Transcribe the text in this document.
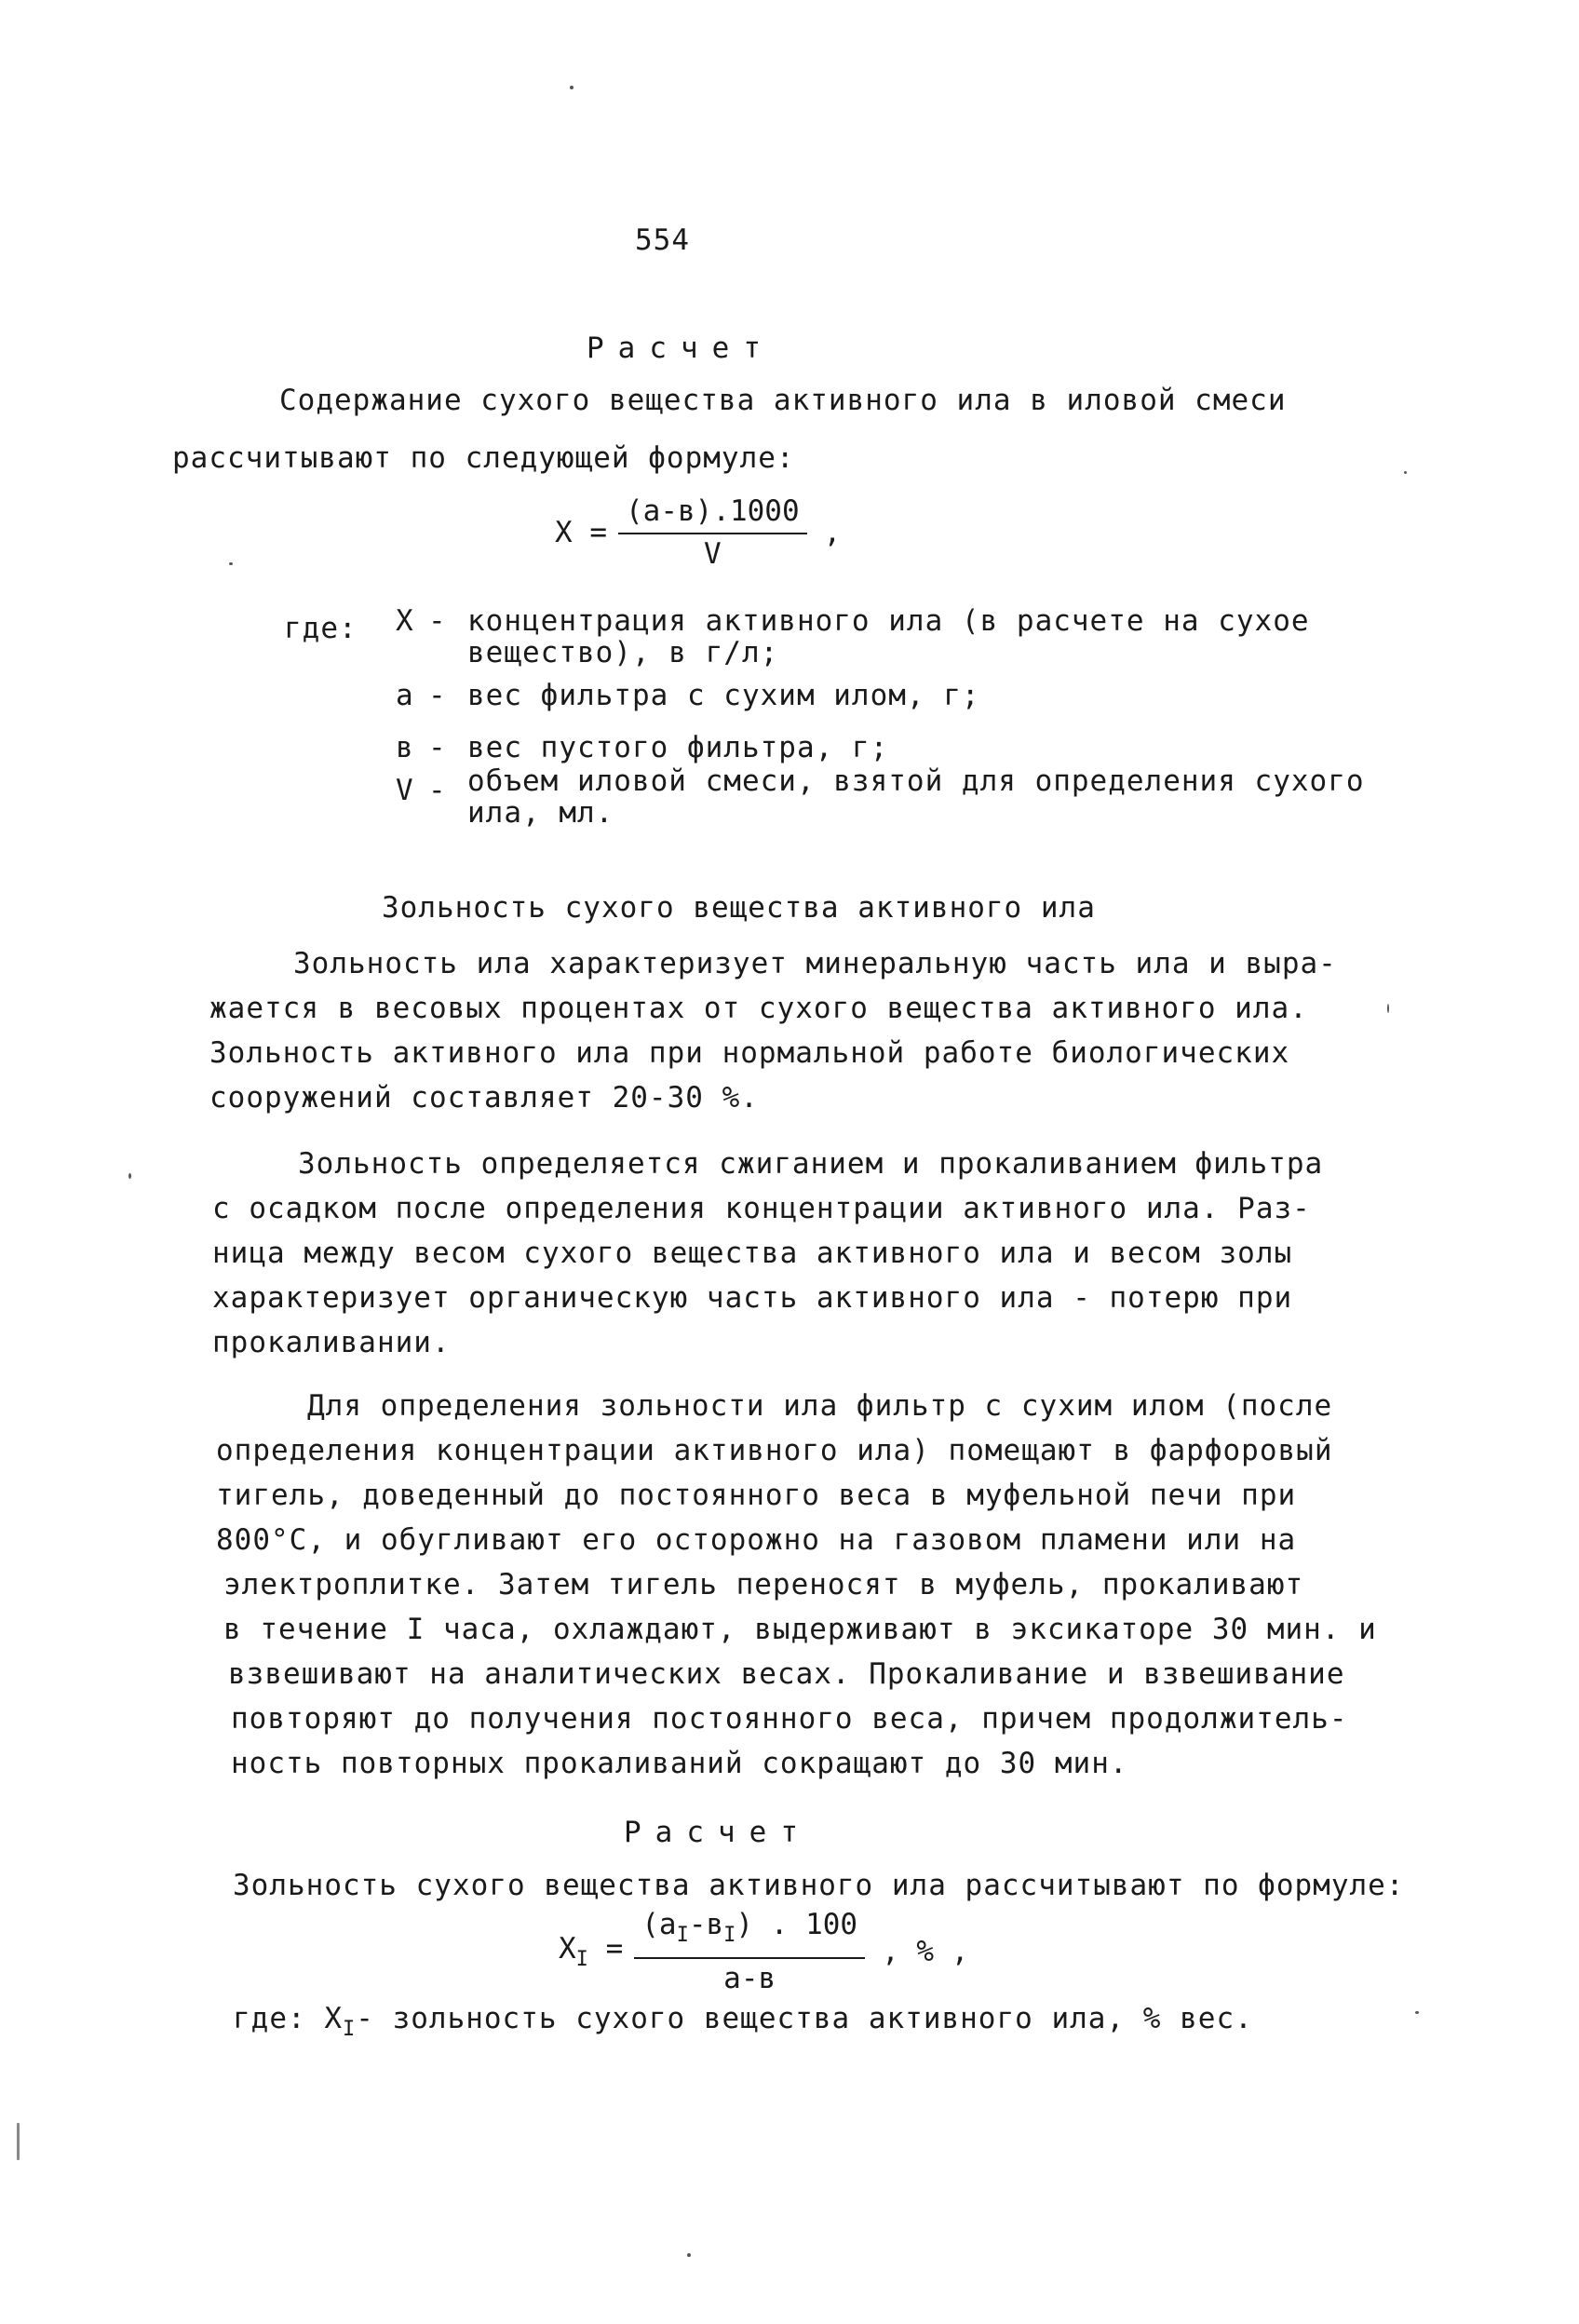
554
Расчет
Содержание сухого вещества активного ила в иловой смеси
рассчитывают по следующей формуле:
$X = \frac{(а-в).1000}{V}$ ,
где: X - концентрация активного ила (в расчете на сухое
вещество), в г/л;
а - вес фильтра с сухим илом, г;
в - вес пустого фильтра, г;
V - объем иловой смеси, взятой для определения сухого
ила, мл.
Зольность сухого вещества активного ила
Зольность ила характеризует минеральную часть ила и выра-
жается в весовых процентах от сухого вещества активного ила.
Зольность активного ила при нормальной работе биологических
сооружений составляет 20-30 %.
Зольность определяется сжиганием и прокаливанием фильтра
с осадком после определения концентрации активного ила. Раз-
ница между весом сухого вещества активного ила и весом золы
характеризует органическую часть активного ила - потерю при
прокаливании.
Для определения зольности ила фильтр с сухим илом (после
определения концентрации активного ила) помещают в фарфоровый
тигель, доведенный до постоянного веса в муфельной печи при
800°С, и обугливают его осторожно на газовом пламени или на
электроплитке. Затем тигель переносят в муфель, прокаливают
в течение I часа, охлаждают, выдерживают в эксикаторе 30 мин. и
взвешивают на аналитических весах. Прокаливание и взвешивание
повторяют до получения постоянного веса, причем продолжитель-
ность повторных прокаливаний сокращают до 30 мин.
Расчет
Зольность сухого вещества активного ила рассчитывают по формуле:
$X_I = \frac{(а_I-в_I) . 100}{а-в}$ , % ,
где: $X_I-$ зольность сухого вещества активного ила, % вес.
